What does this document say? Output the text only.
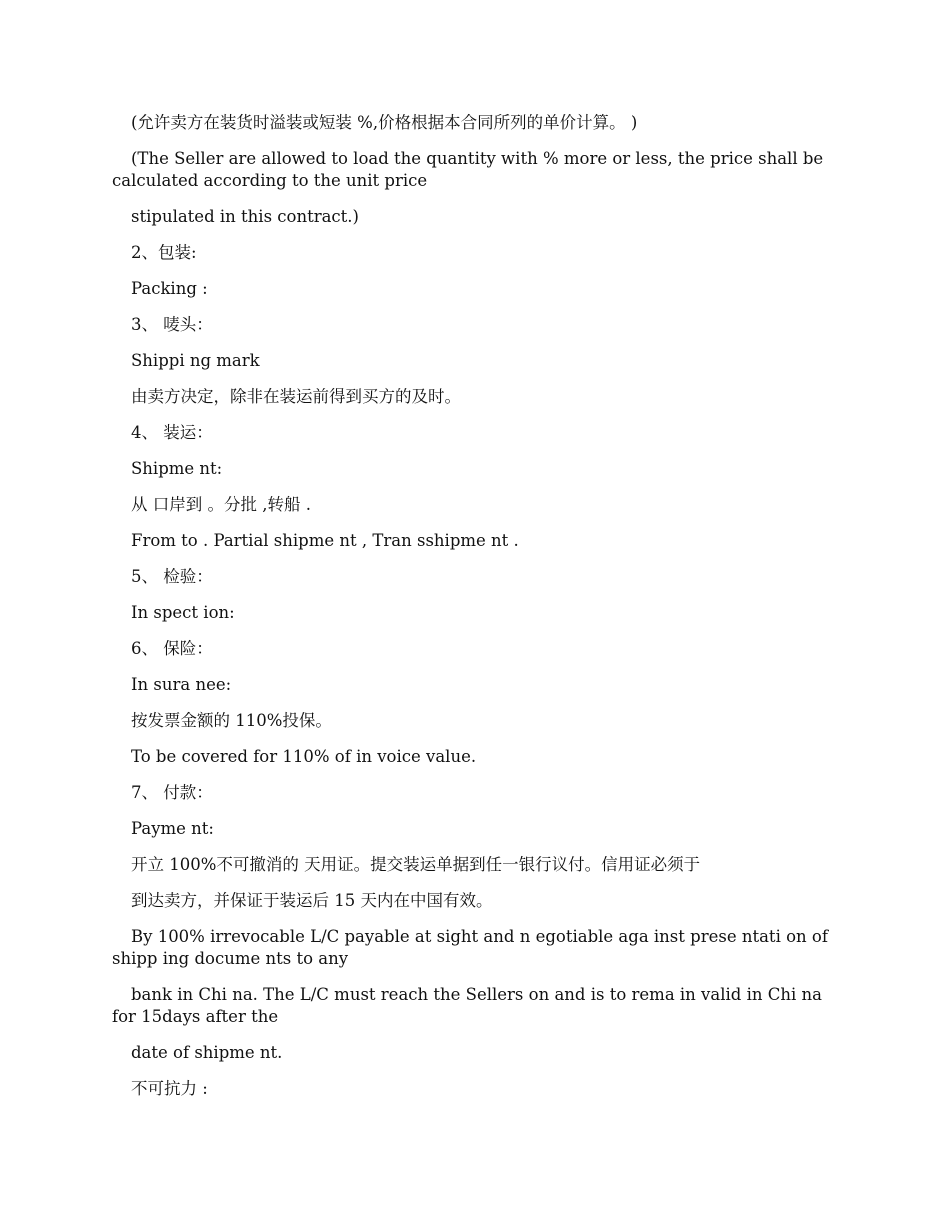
(允许卖方在装货时溢装或短装 %,价格根据本合同所列的单价计算。 )

(The Seller are allowed to load the quantity with % more or less, the price shall be calculated according to the unit price

stipulated in this contract.)

2、包装:

Packing :

3、 唛头：

Shippi ng mark

由卖方决定，除非在装运前得到买方的及时。

4、 装运：

Shipme nt:

从 口岸到 。分批 ,转船 .

From to . Partial shipme nt , Tran sshipme nt .

5、 检验：

In spect ion:

6、 保险：

In sura nee:

按发票金额的 110%投保。

To be covered for 110% of in voice value.

7、 付款：

Payme nt:

开立 100%不可撤消的 天用证。提交装运单据到任一银行议付。信用证必须于

到达卖方，并保证于装运后 15 天内在中国有效。

By 100% irrevocable L/C payable at sight and n egotiable aga inst prese ntati on of shipp ing docume nts to any

bank in Chi na. The L/C must reach the Sellers on and is to rema in valid in Chi na for 15days after the

date of shipme nt.

不可抗力 :
